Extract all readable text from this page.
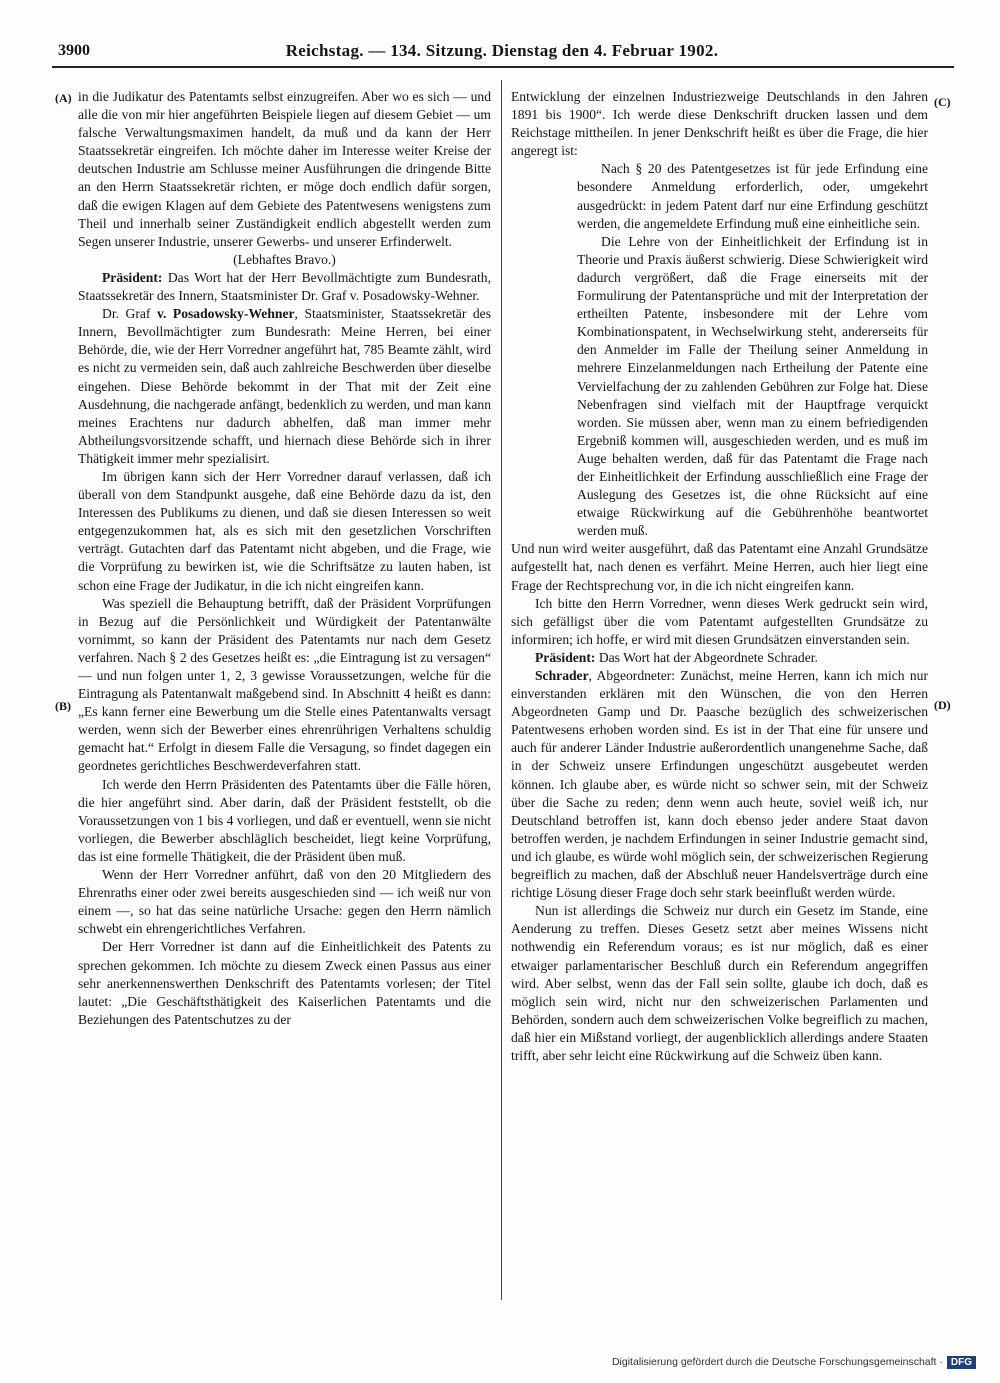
3900	Reichstag. — 134. Sitzung. Dienstag den 4. Februar 1902.
(A)
(B)
(C)
(D)

in die Judikatur des Patentamts selbst einzugreifen. Aber wo es sich — und alle die von mir hier angeführten Beispiele liegen auf diesem Gebiet — um falsche Verwaltungsmaximen handelt, da muß und da kann der Herr Staatssekretär eingreifen. Ich möchte daher im Interesse weiter Kreise der deutschen Industrie am Schlusse meiner Ausführungen die dringende Bitte an den Herrn Staatssekretär richten, er möge doch endlich dafür sorgen, daß die ewigen Klagen auf dem Gebiete des Patentwesens wenigstens zum Theil und innerhalb seiner Zuständigkeit endlich abgestellt werden zum Segen unserer Industrie, unserer Gewerbs- und unserer Erfinderwelt.

(Lebhaftes Bravo.)

Präsident: Das Wort hat der Herr Bevollmächtigte zum Bundesrath, Staatssekretär des Innern, Staatsminister Dr. Graf v. Posadowsky-Wehner.

Dr. Graf v. Posadowsky-Wehner, Staatsminister, Staatssekretär des Innern, Bevollmächtigter zum Bundesrath: Meine Herren, bei einer Behörde, die, wie der Herr Vorredner angeführt hat, 785 Beamte zählt, wird es nicht zu vermeiden sein, daß auch zahlreiche Beschwerden über dieselbe eingehen. Diese Behörde bekommt in der That mit der Zeit eine Ausdehnung, die nachgerade anfängt, bedenklich zu werden, und man kann meines Erachtens nur dadurch abhelfen, daß man immer mehr Abtheilungsvorsitzende schafft, und hiernach diese Behörde sich in ihrer Thätigkeit immer mehr spezialisirt.

Im übrigen kann sich der Herr Vorredner darauf verlassen, daß ich überall von dem Standpunkt ausgehe, daß eine Behörde dazu da ist, den Interessen des Publikums zu dienen, und daß sie diesen Interessen so weit entgegenzukommen hat, als es sich mit den gesetzlichen Vorschriften verträgt. Gutachten darf das Patentamt nicht abgeben, und die Frage, wie die Vorprüfung zu bewirken ist, wie die Schriftsätze zu lauten haben, ist schon eine Frage der Judikatur, in die ich nicht eingreifen kann.

Was speziell die Behauptung betrifft, daß der Präsident Vorprüfungen in Bezug auf die Persönlichkeit und Würdigkeit der Patentanwälte vornimmt, so kann der Präsident des Patentamts nur nach dem Gesetz verfahren. Nach § 2 des Gesetzes heißt es: „die Eintragung ist zu versagen“ — und nun folgen unter 1, 2, 3 gewisse Voraussetzungen, welche für die Eintragung als Patentanwalt maßgebend sind. In Abschnitt 4 heißt es dann: „Es kann ferner eine Bewerbung um die Stelle eines Patentanwalts versagt werden, wenn sich der Bewerber eines ehrenrührigen Verhaltens schuldig gemacht hat.“ Erfolgt in diesem Falle die Versagung, so findet dagegen ein geordnetes gerichtliches Beschwerdeverfahren statt.

Ich werde den Herrn Präsidenten des Patentamts über die Fälle hören, die hier angeführt sind. Aber darin, daß der Präsident feststellt, ob die Voraussetzungen von 1 bis 4 vorliegen, und daß er eventuell, wenn sie nicht vorliegen, die Bewerber abschläglich bescheidet, liegt keine Vorprüfung, das ist eine formelle Thätigkeit, die der Präsident üben muß.

Wenn der Herr Vorredner anführt, daß von den 20 Mitgliedern des Ehrenraths einer oder zwei bereits ausgeschieden sind — ich weiß nur von einem —, so hat das seine natürliche Ursache: gegen den Herrn nämlich schwebt ein ehrengerichtliches Verfahren.

Der Herr Vorredner ist dann auf die Einheitlichkeit des Patents zu sprechen gekommen. Ich möchte zu diesem Zweck einen Passus aus einer sehr anerkennenswerthen Denkschrift des Patentamts vorlesen; der Titel lautet: „Die Geschäftsthätigkeit des Kaiserlichen Patentamts und die Beziehungen des Patentschutzes zu der

Entwicklung der einzelnen Industriezweige Deutschlands in den Jahren 1891 bis 1900“. Ich werde diese Denkschrift drucken lassen und dem Reichstage mittheilen. In jener Denkschrift heißt es über die Frage, die hier angeregt ist:

Nach § 20 des Patentgesetzes ist für jede Erfindung eine besondere Anmeldung erforderlich, oder, umgekehrt ausgedrückt: in jedem Patent darf nur eine Erfindung geschützt werden, die angemeldete Erfindung muß eine einheitliche sein.

Die Lehre von der Einheitlichkeit der Erfindung ist in Theorie und Praxis äußerst schwierig. Diese Schwierigkeit wird dadurch vergrößert, daß die Frage einerseits mit der Formulirung der Patentansprüche und mit der Interpretation der ertheilten Patente, insbesondere mit der Lehre vom Kombinationspatent, in Wechselwirkung steht, andererseits für den Anmelder im Falle der Theilung seiner Anmeldung in mehrere Einzelanmeldungen nach Ertheilung der Patente eine Vervielfachung der zu zahlenden Gebühren zur Folge hat. Diese Nebenfragen sind vielfach mit der Hauptfrage verquickt worden. Sie müssen aber, wenn man zu einem befriedigenden Ergebniß kommen will, ausgeschieden werden, und es muß im Auge behalten werden, daß für das Patentamt die Frage nach der Einheitlichkeit der Erfindung ausschließlich eine Frage der Auslegung des Gesetzes ist, die ohne Rücksicht auf eine etwaige Rückwirkung auf die Gebührenhöhe beantwortet werden muß.

Und nun wird weiter ausgeführt, daß das Patentamt eine Anzahl Grundsätze aufgestellt hat, nach denen es verfährt. Meine Herren, auch hier liegt eine Frage der Rechtsprechung vor, in die ich nicht eingreifen kann.

Ich bitte den Herrn Vorredner, wenn dieses Werk gedruckt sein wird, sich gefälligst über die vom Patentamt aufgestellten Grundsätze zu informiren; ich hoffe, er wird mit diesen Grundsätzen einverstanden sein.

Präsident: Das Wort hat der Abgeordnete Schrader.

Schrader, Abgeordneter: Zunächst, meine Herren, kann ich mich nur einverstanden erklären mit den Wünschen, die von den Herren Abgeordneten Gamp und Dr. Paasche bezüglich des schweizerischen Patentwesens erhoben worden sind. Es ist in der That eine für unsere und auch für anderer Länder Industrie außerordentlich unangenehme Sache, daß in der Schweiz unsere Erfindungen ungeschützt ausgebeutet werden können. Ich glaube aber, es würde nicht so schwer sein, mit der Schweiz über die Sache zu reden; denn wenn auch heute, soviel weiß ich, nur Deutschland betroffen ist, kann doch ebenso jeder andere Staat davon betroffen werden, je nachdem Erfindungen in seiner Industrie gemacht sind, und ich glaube, es würde wohl möglich sein, der schweizerischen Regierung begreiflich zu machen, daß der Abschluß neuer Handelsverträge durch eine richtige Lösung dieser Frage doch sehr stark beeinflußt werden würde.

Nun ist allerdings die Schweiz nur durch ein Gesetz im Stande, eine Aenderung zu treffen. Dieses Gesetz setzt aber meines Wissens nicht nothwendig ein Referendum voraus; es ist nur möglich, daß es einer etwaiger parlamentarischer Beschluß durch ein Referendum angegriffen wird. Aber selbst, wenn das der Fall sein sollte, glaube ich doch, daß es möglich sein wird, nicht nur den schweizerischen Parlamenten und Behörden, sondern auch dem schweizerischen Volke begreiflich zu machen, daß hier ein Mißstand vorliegt, der augenblicklich allerdings andere Staaten trifft, aber sehr leicht eine Rückwirkung auf die Schweiz üben kann.

Digitalisierung gefördert durch die Deutsche Forschungsgemeinschaft · DFG
